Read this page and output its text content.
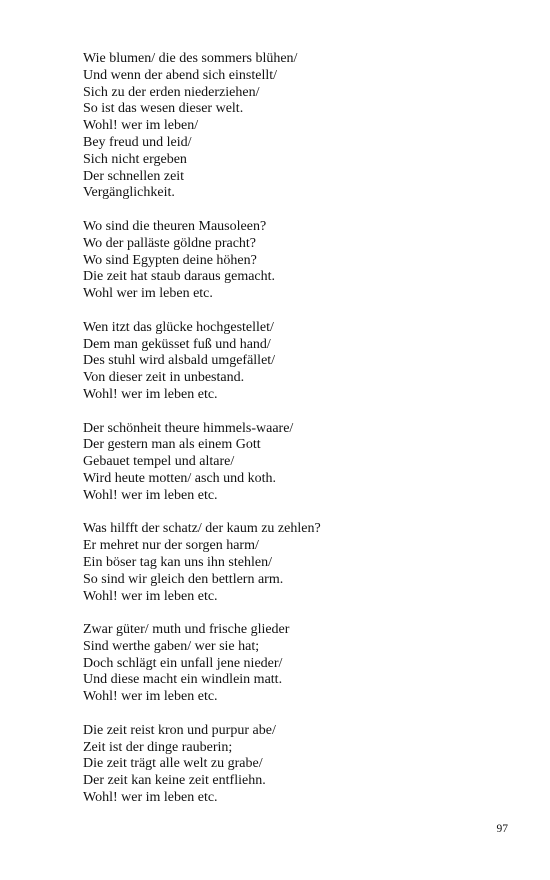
Wie blumen/ die des sommers blühen/
Und wenn der abend sich einstellt/
Sich zu der erden niederziehen/
So ist das wesen dieser welt.
Wohl! wer im leben/
Bey freud und leid/
Sich nicht ergeben
Der schnellen zeit
Vergänglichkeit.
Wo sind die theuren Mausoleen?
Wo der palläste göldne pracht?
Wo sind Egypten deine höhen?
Die zeit hat staub daraus gemacht.
Wohl wer im leben etc.
Wen itzt das glücke hochgestellet/
Dem man geküsset fuß und hand/
Des stuhl wird alsbald umgefället/
Von dieser zeit in unbestand.
Wohl! wer im leben etc.
Der schönheit theure himmels-waare/
Der gestern man als einem Gott
Gebauet tempel und altare/
Wird heute motten/ asch und koth.
Wohl! wer im leben etc.
Was hilfft der schatz/ der kaum zu zehlen?
Er mehret nur der sorgen harm/
Ein böser tag kan uns ihn stehlen/
So sind wir gleich den bettlern arm.
Wohl! wer im leben etc.
Zwar güter/ muth und frische glieder
Sind werthe gaben/ wer sie hat;
Doch schlägt ein unfall jene nieder/
Und diese macht ein windlein matt.
Wohl! wer im leben etc.
Die zeit reist kron und purpur abe/
Zeit ist der dinge rauberin;
Die zeit trägt alle welt zu grabe/
Der zeit kan keine zeit entfliehn.
Wohl! wer im leben etc.
97
